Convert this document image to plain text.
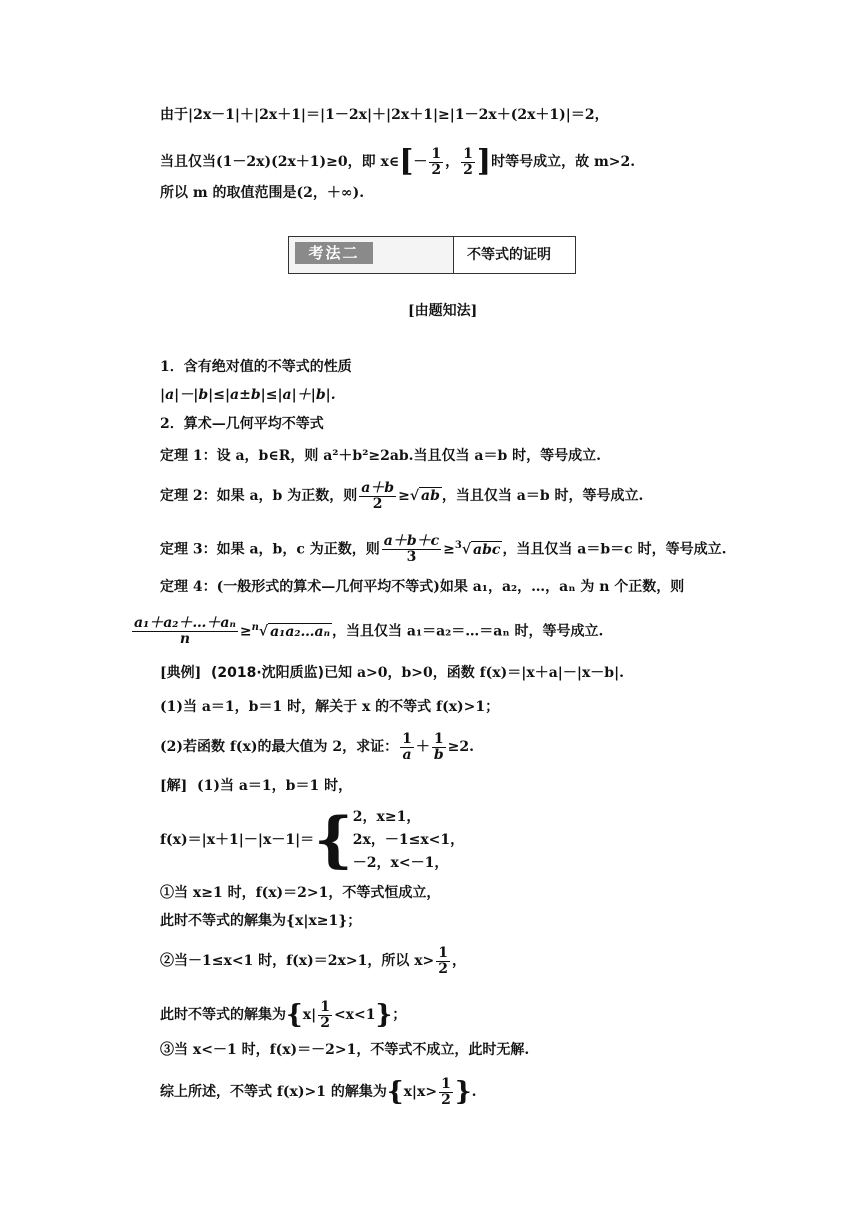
由于|2x－1|＋|2x＋1|＝|1－2x|＋|2x＋1|≥|1－2x＋(2x＋1)|＝2，
当且仅当(1－2x)(2x＋1)≥0，即 x∈[－ $\frac{1}{2}$ ， $\frac{1}{2}$ ]时等号成立，故 m>2.
所以 m 的取值范围是(2，＋∞).
考法二	不等式的证明
[由题知法]
1．含有绝对值的不等式的性质
|a|－|b|≤|a±b|≤|a|＋|b|.
2．算术—几何平均不等式
定理 1：设 a，b∈R，则 a²＋b²≥2ab.当且仅当 a＝b 时，等号成立.
定理 2：如果 a，b 为正数，则 $\frac{a+b}{2}$ ≥√ ab ，当且仅当 a＝b 时，等号成立.
定理 3：如果 a，b，c 为正数，则 $\frac{a+b+c}{3} \ge^3√$ abc ，当且仅当 a＝b＝c 时，等号成立.
定理 4：(一般形式的算术—几何平均不等式)如果 a₁，a₂，…，aₙ 为 n 个正数，则
$\frac{\text{a₁＋a₂＋…＋aₙ}}{n} \ge^n√$ a₁a₂…aₙ ，当且仅当 a₁＝a₂＝…＝aₙ 时，等号成立.
[典例] (2018·沈阳质监)已知 a>0，b>0，函数 f(x)＝|x＋a|－|x－b|.
(1)当 a＝1，b＝1 时，解关于 x 的不等式 f(x)>1；
(2)若函数 f(x)的最大值为 2，求证： $\frac{1}{a} + \frac{1}{b} \ge 2$.
[解] (1)当 a＝1，b＝1 时，
f(x)＝|x＋1|－|x－1|＝{ 2，x≥1，
2x，－1≤x<1，
－2，x<－1，
①当 x≥1 时，f(x)＝2>1，不等式恒成立，
此时不等式的解集为{x|x≥1}；
②当－1≤x<1 时，f(x)＝2x>1，所以 $x> \frac{1}{2}$ ，
此时不等式的解集为$\{x| \frac{1}{2} <x<1\}$；
③当 x<－1 时，f(x)＝－2>1，不等式不成立，此时无解.
综上所述，不等式 f(x)>1 的解集为{$x|x> \frac{1}{2}$ }.
